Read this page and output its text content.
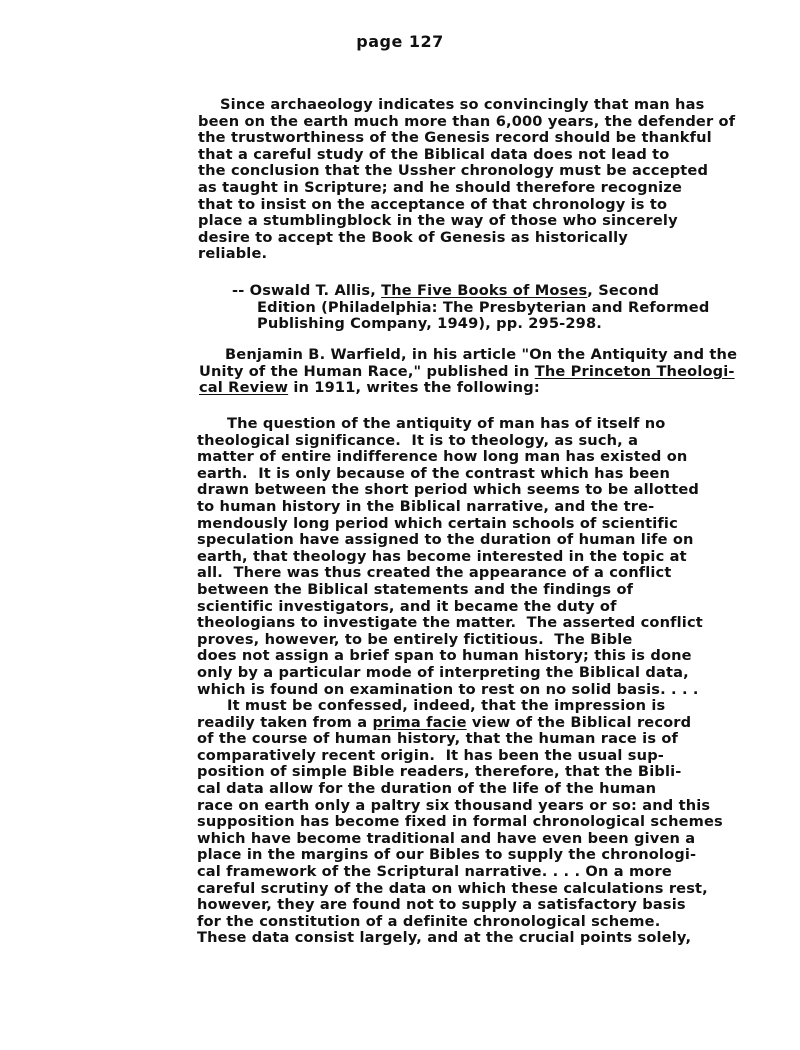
page 127
Since archaeology indicates so convincingly that man has
been on the earth much more than 6,000 years, the defender of
the trustworthiness of the Genesis record should be thankful
that a careful study of the Biblical data does not lead to
the conclusion that the Ussher chronology must be accepted
as taught in Scripture; and he should therefore recognize
that to insist on the acceptance of that chronology is to
place a stumblingblock in the way of those who sincerely
desire to accept the Book of Genesis as historically
reliable.
-- Oswald T. Allis, The Five Books of Moses, Second
Edition (Philadelphia: The Presbyterian and Reformed
Publishing Company, 1949), pp. 295-298.
Benjamin B. Warfield, in his article "On the Antiquity and the
Unity of the Human Race," published in The Princeton Theologi-
cal Review in 1911, writes the following:
The question of the antiquity of man has of itself no
theological significance.  It is to theology, as such, a
matter of entire indifference how long man has existed on
earth.  It is only because of the contrast which has been
drawn between the short period which seems to be allotted
to human history in the Biblical narrative, and the tre-
mendously long period which certain schools of scientific
speculation have assigned to the duration of human life on
earth, that theology has become interested in the topic at
all.  There was thus created the appearance of a conflict
between the Biblical statements and the findings of
scientific investigators, and it became the duty of
theologians to investigate the matter.  The asserted conflict
proves, however, to be entirely fictitious.  The Bible
does not assign a brief span to human history; this is done
only by a particular mode of interpreting the Biblical data,
which is found on examination to rest on no solid basis. . . .
It must be confessed, indeed, that the impression is
readily taken from a prima facie view of the Biblical record
of the course of human history, that the human race is of
comparatively recent origin.  It has been the usual sup-
position of simple Bible readers, therefore, that the Bibli-
cal data allow for the duration of the life of the human
race on earth only a paltry six thousand years or so: and this
supposition has become fixed in formal chronological schemes
which have become traditional and have even been given a
place in the margins of our Bibles to supply the chronologi-
cal framework of the Scriptural narrative. . . . On a more
careful scrutiny of the data on which these calculations rest,
however, they are found not to supply a satisfactory basis
for the constitution of a definite chronological scheme.
These data consist largely, and at the crucial points solely,
